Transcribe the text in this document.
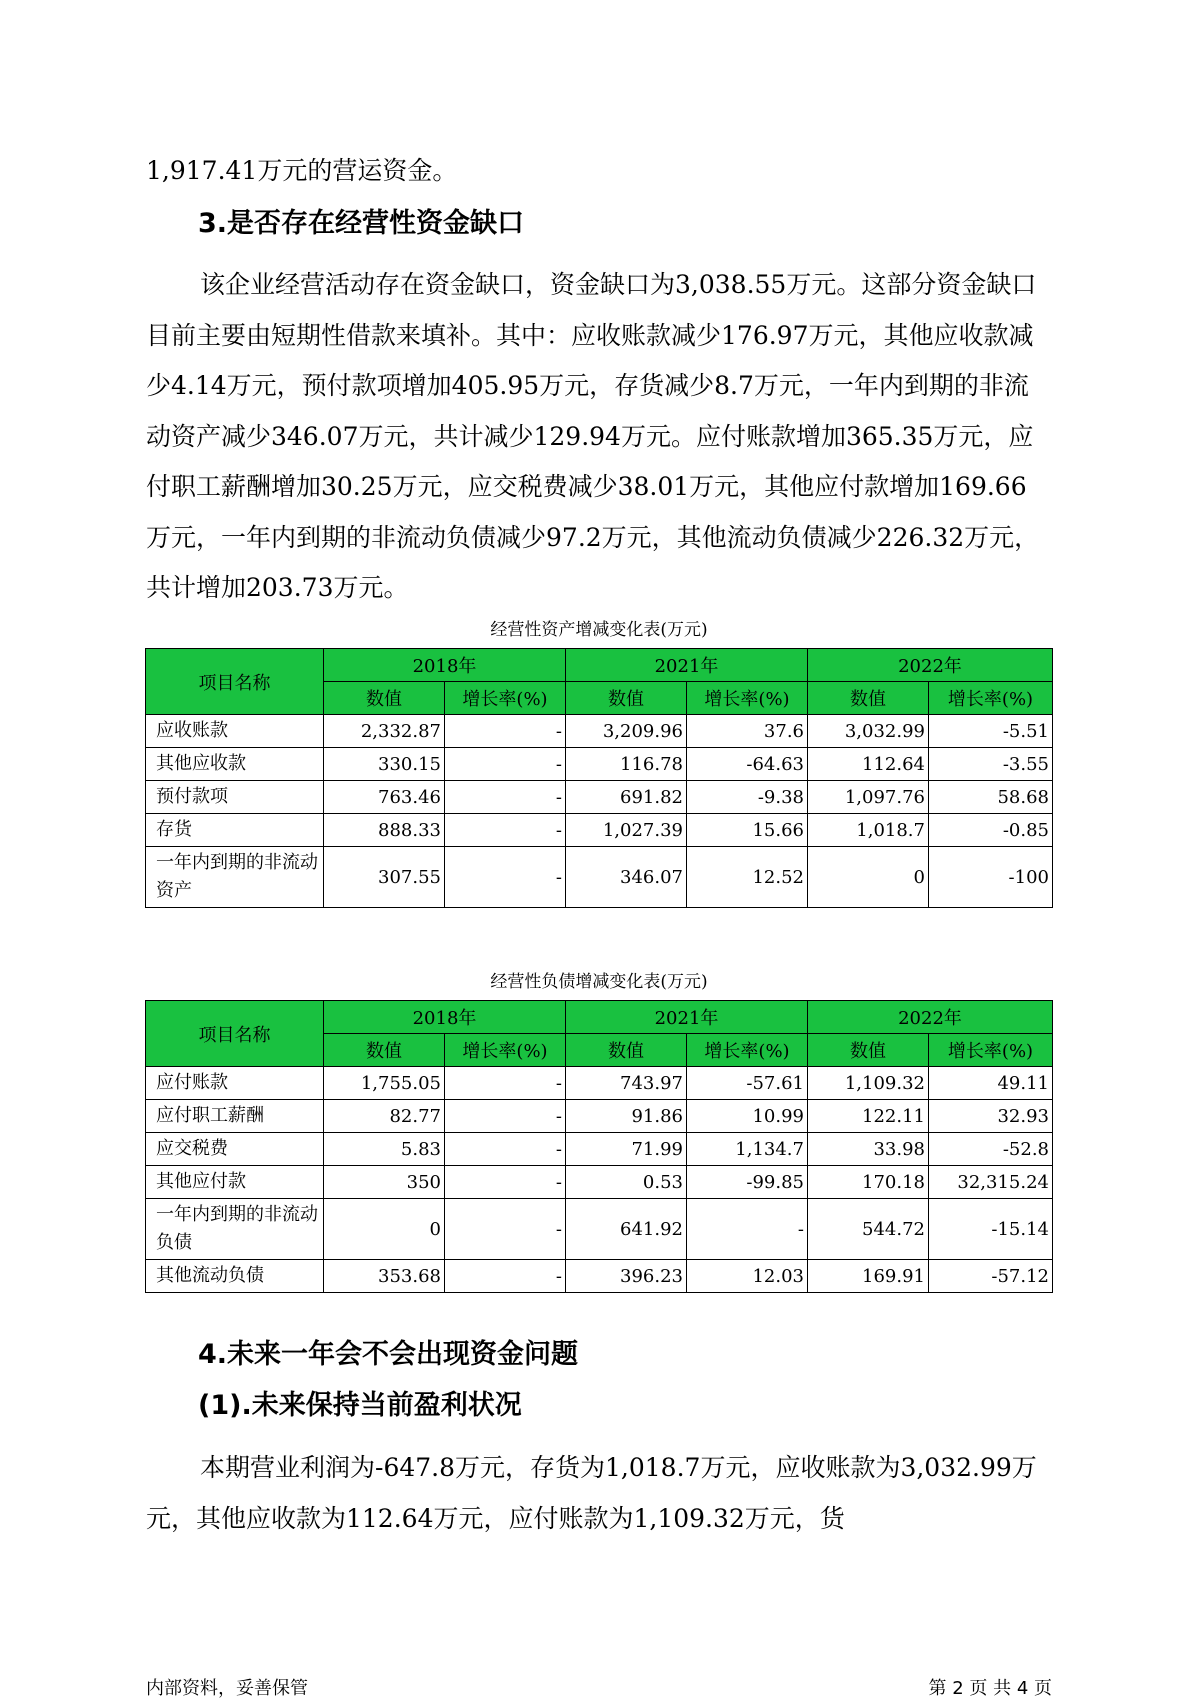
1,917.41万元的营运资金。

3.是否存在经营性资金缺口

该企业经营活动存在资金缺口，资金缺口为3,038.55万元。这部分资金缺口目前主要由短期性借款来填补。其中：应收账款减少176.97万元，其他应收款减少4.14万元，预付款项增加405.95万元，存货减少8.7万元，一年内到期的非流动资产减少346.07万元，共计减少129.94万元。应付账款增加365.35万元，应付职工薪酬增加30.25万元，应交税费减少38.01万元，其他应付款增加169.66万元，一年内到期的非流动负债减少97.2万元，其他流动负债减少226.32万元，共计增加203.73万元。

经营性资产增减变化表(万元)
项目名称	2018年		2021年		2022年	
	数值	增长率(%)	数值	增长率(%)	数值	增长率(%)
应收账款	2,332.87	-	3,209.96	37.6	3,032.99	-5.51
其他应收款	330.15	-	116.78	-64.63	112.64	-3.55
预付款项	763.46	-	691.82	-9.38	1,097.76	58.68
存货	888.33	-	1,027.39	15.66	1,018.7	-0.85
一年内到期的非流动资产	307.55	-	346.07	12.52	0	-100
经营性负债增减变化表(万元)
项目名称	2018年		2021年		2022年	
	数值	增长率(%)	数值	增长率(%)	数值	增长率(%)
应付账款	1,755.05	-	743.97	-57.61	1,109.32	49.11
应付职工薪酬	82.77	-	91.86	10.99	122.11	32.93
应交税费	5.83	-	71.99	1,134.7	33.98	-52.8
其他应付款	350	-	0.53	-99.85	170.18	32,315.24
一年内到期的非流动负债	0	-	641.92	-	544.72	-15.14
其他流动负债	353.68	-	396.23	12.03	169.91	-57.12
4.未来一年会不会出现资金问题
(1).未来保持当前盈利状况

本期营业利润为-647.8万元，存货为1,018.7万元，应收账款为3,032.99万元，其他应收款为112.64万元，应付账款为1,109.32万元，货

内部资料，妥善保管	第 2 页 共 4 页
